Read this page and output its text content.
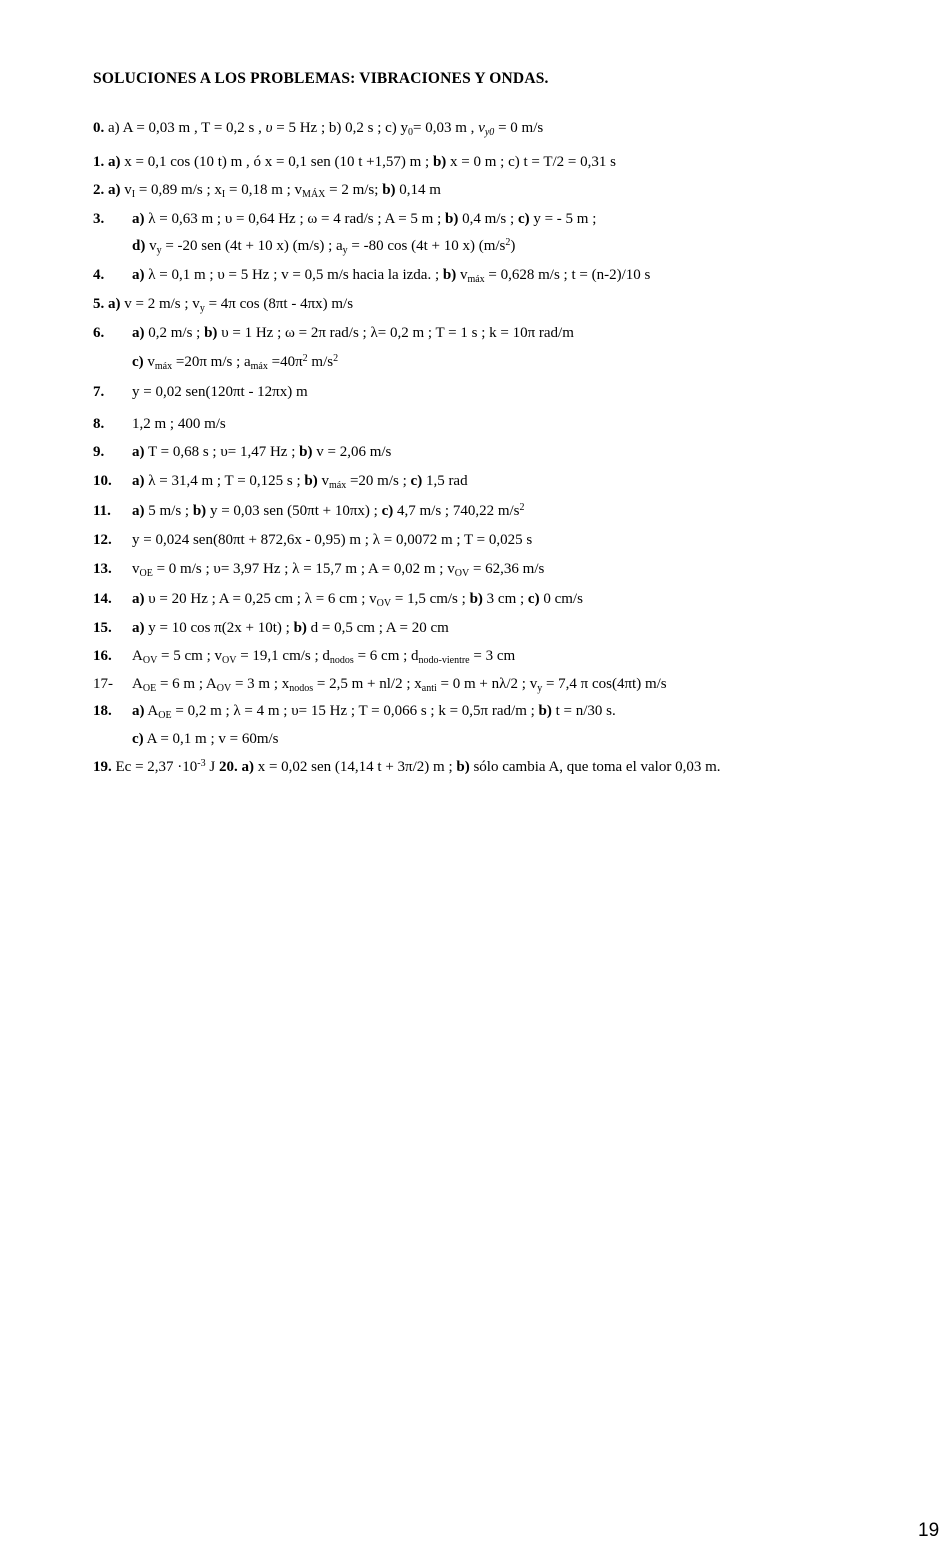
SOLUCIONES A LOS PROBLEMAS: VIBRACIONES Y ONDAS.
0. a) A = 0,03 m , T = 0,2 s , υ = 5 Hz ; b) 0,2 s ; c) $y_0= 0,03$ m , $v_{y0} = 0$ m/s
1. a) x = 0,1 cos (10 t) m , ó x = 0,1 sen (10 t +1,57) m ; b) x = 0 m ; c) t = T/2 = 0,31 s
2. a) $v_I = 0,89$ m/s ; $x_I = 0,18$ m ; $v_{MÁX} = 2$ m/s; b) 0,14 m
3. a) λ = 0,63 m ; υ = 0,64 Hz ; ω = 4 rad/s ; A = 5 m ; b) 0,4 m/s ; c) y = - 5 m ;
d) $v_y = -20$ sen (4t + 10 x) (m/s) ; $a_y = -80$ cos (4t + 10 x) $(m/s^2)$
4. a) λ = 0,1 m ; υ = 5 Hz ; v = 0,5 m/s hacia la izda. ; b) $v_{máx} = 0,628$ m/s ; t = (n-2)/10 s
5. a) v = 2 m/s ; $v_y = 4\pi$ cos (8πt - 4πx) m/s
6. a) 0,2 m/s ; b) υ = 1 Hz ; ω = 2π rad/s ; λ= 0,2 m ; T = 1 s ; k = 10π rad/m
c) $v_{máx} =20\pi$ m/s ; $a_{máx} =40\pi^2$ $m/s^2$
7. y = 0,02 sen(120πt - 12πx) m
8. 1,2 m ; 400 m/s
9. a) T = 0,68 s ; υ= 1,47 Hz ; b) v = 2,06 m/s
10. a) λ = 31,4 m ; T = 0,125 s ; b) $v_{máx} =20$ m/s ; c) 1,5 rad
11. a) 5 m/s ; b) y = 0,03 sen (50πt + 10πx) ; c) 4,7 m/s ; 740,22 $m/s^2$
12. y = 0,024 sen(80πt + 872,6x - 0,95) m ; λ = 0,0072 m ; T = 0,025 s
13. $v_{OE} = 0$ m/s ; υ= 3,97 Hz ; λ = 15,7 m ; A = 0,02 m ; $v_{OV} = 62,36$ m/s
14. a) υ = 20 Hz ; A = 0,25 cm ; λ = 6 cm ; $v_{OV} = 1,5$ cm/s ; b) 3 cm ; c) 0 cm/s
15. a) y = 10 cos π(2x + 10t) ; b) d = 0,5 cm ; A = 20 cm
16. $A_{OV} = 5$ cm ; $v_{OV} = 19,1$ cm/s ; $d_{nodos} = 6$ cm ; $d_{nodo-vientre} = 3$ cm
17- $A_{OE} = 6$ m ; $A_{OV} = 3$ m ; $x_{nodos} = 2,5$ m + nl/2 ; $x_{anti} = 0$ m + nλ/2 ; $v_y = 7,4$ π cos(4πt) m/s
18. a) $A_{OE} = 0,2$ m ; λ = 4 m ; υ= 15 Hz ; T = 0,066 s ; k = 0,5π rad/m ; b) t = n/30 s.
c) A = 0,1 m ; v = 60m/s
19. $Ec = 2,37 \cdot 10^{-3}$ J 20. a) x = 0,02 sen (14,14 t + 3π/2) m ; b) sólo cambia A, que toma el valor 0,03 m.
19
